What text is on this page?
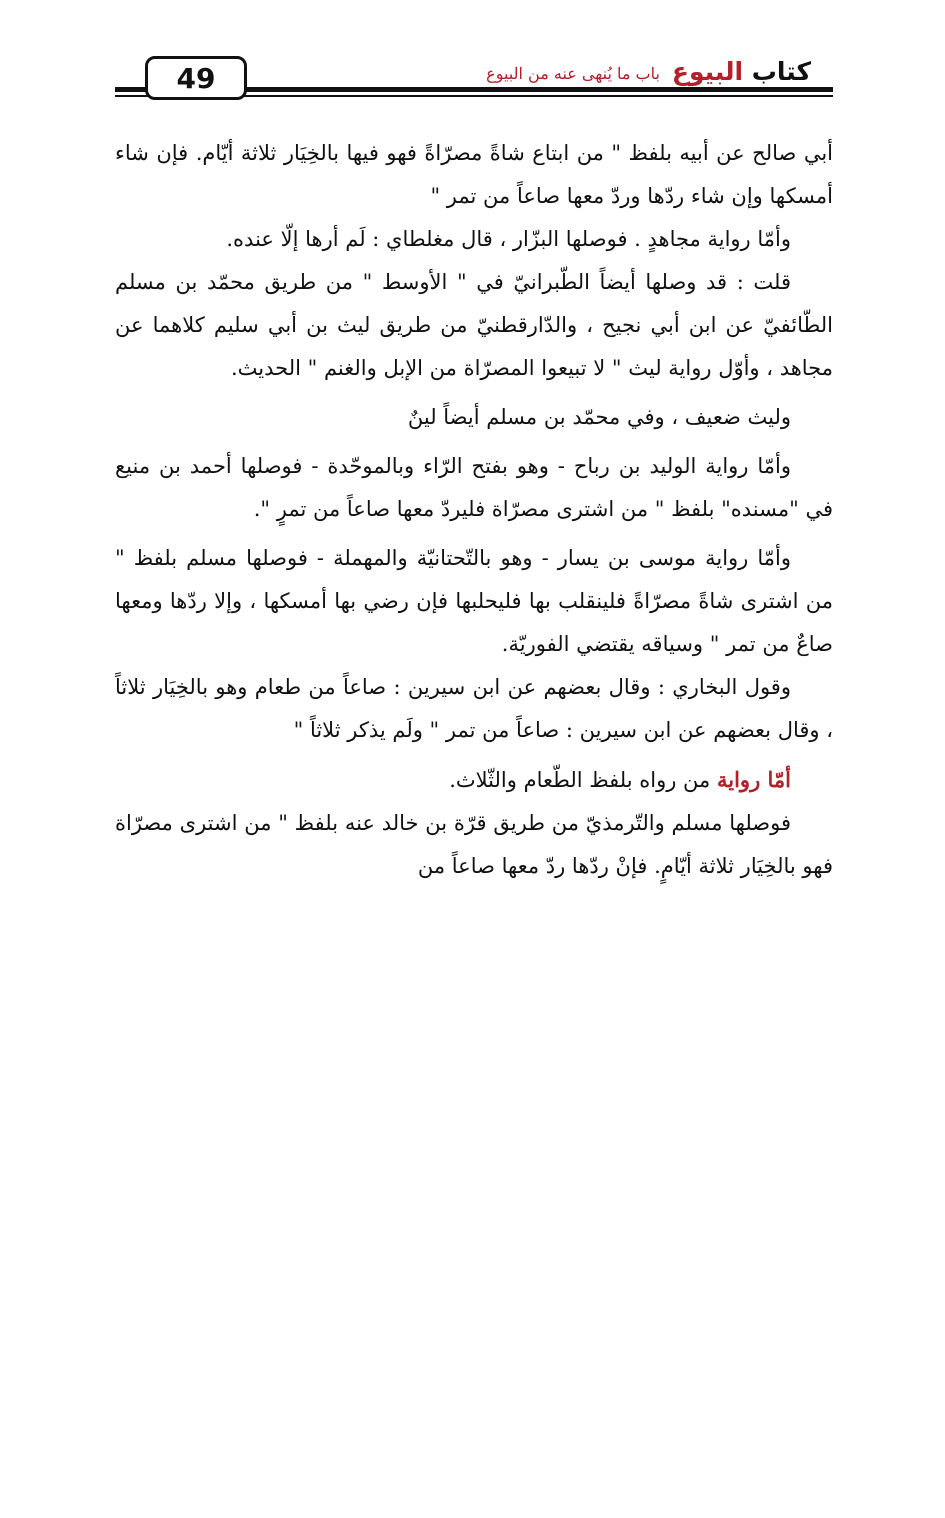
49	كتاب البيوع
باب ما يُنهى عنه من البيوع

أبي صالح عن أبيه بلفظ " من ابتاع شاةً مصرّاةً فهو فيها بالخِيَار ثلاثة أيّام. فإن شاء أمسكها وإن شاء ردّها وردّ معها صاعاً من تمر "

وأمّا رواية مجاهدٍ . فوصلها البزّار ، قال مغلطاي : لَم أرها إلّا عنده.

قلت : قد وصلها أيضاً الطّبرانيّ في " الأوسط " من طريق محمّد بن مسلم الطّائفيّ عن ابن أبي نجيح ، والدّارقطنيّ من طريق ليث بن أبي سليم كلاهما عن مجاهد ، وأوّل رواية ليث " لا تبيعوا المصرّاة من الإبل والغنم " الحديث.

وليث ضعيف ، وفي محمّد بن مسلم أيضاً لينٌ

وأمّا رواية الوليد بن رباح - وهو بفتح الرّاء وبالموحّدة - فوصلها أحمد بن منيع في "مسنده" بلفظ " من اشترى مصرّاة فليردّ معها صاعاً من تمرٍ ".

وأمّا رواية موسى بن يسار - وهو بالتّحتانيّة والمهملة - فوصلها مسلم بلفظ " من اشترى شاةً مصرّاةً فلينقلب بها فليحلبها فإن رضي بها أمسكها ، وإلا ردّها ومعها صاعٌ من تمر " وسياقه يقتضي الفوريّة.

وقول البخاري : وقال بعضهم عن ابن سيرين : صاعاً من طعام وهو بالخِيَار ثلاثاً ، وقال بعضهم عن ابن سيرين : صاعاً من تمر " ولَم يذكر ثلاثاً "

أمّا رواية من رواه بلفظ الطّعام والثّلاث.

فوصلها مسلم والتّرمذيّ من طريق قرّة بن خالد عنه بلفظ " من اشترى مصرّاة فهو بالخِيَار ثلاثة أيّامٍ. فإنْ ردّها ردّ معها صاعاً من
